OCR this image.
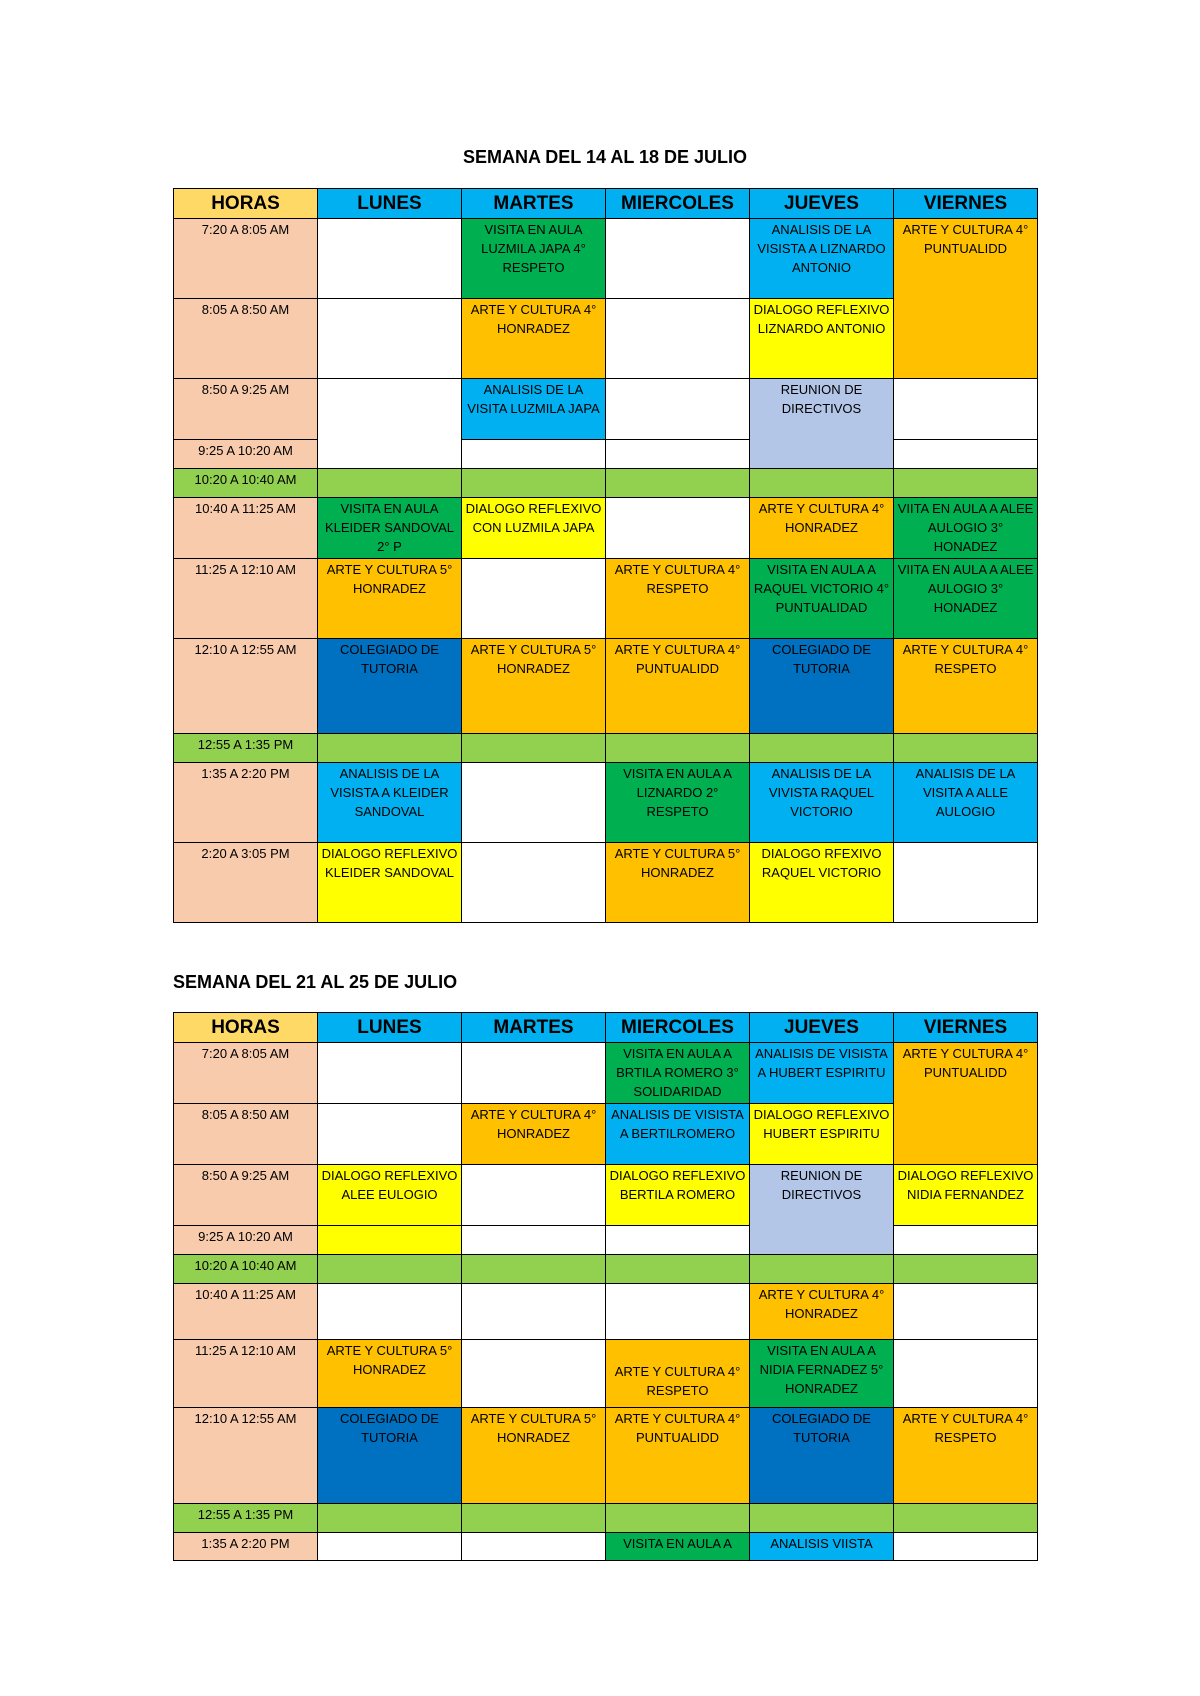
SEMANA DEL 14 AL 18 DE JULIO
HORAS	LUNES	MARTES	MIERCOLES	JUEVES	VIERNES
7:20 A 8:05 AM		VISITA EN AULA LUZMILA JAPA 4° RESPETO		ANALISIS DE LA VISISTA A LIZNARDO ANTONIO	ARTE Y CULTURA 4° PUNTUALIDD
8:05 A 8:50 AM		ARTE Y CULTURA 4° HONRADEZ		DIALOGO REFLEXIVO LIZNARDO ANTONIO	
8:50 A 9:25 AM		ANALISIS DE LA VISITA LUZMILA JAPA		REUNION DE DIRECTIVOS	
9:25 A 10:20 AM					
10:20 A 10:40 AM					
10:40 A 11:25 AM	VISITA EN AULA KLEIDER SANDOVAL 2° P	DIALOGO REFLEXIVO CON LUZMILA JAPA		ARTE Y CULTURA 4° HONRADEZ	VIITA EN AULA A ALEE AULOGIO 3° HONADEZ
11:25 A 12:10 AM	ARTE Y CULTURA 5° HONRADEZ		ARTE Y CULTURA 4° RESPETO	VISITA EN AULA A RAQUEL VICTORIO 4° PUNTUALIDAD	VIITA EN AULA A ALEE AULOGIO 3° HONADEZ
12:10 A 12:55 AM	COLEGIADO DE TUTORIA	ARTE Y CULTURA 5° HONRADEZ	ARTE Y CULTURA 4° PUNTUALIDD	COLEGIADO DE TUTORIA	ARTE Y CULTURA 4° RESPETO
12:55 A 1:35 PM					
1:35 A 2:20 PM	ANALISIS DE LA VISISTA A KLEIDER SANDOVAL		VISITA EN AULA A LIZNARDO 2° RESPETO	ANALISIS DE LA VIVISTA RAQUEL VICTORIO	ANALISIS DE LA VISITA A ALLE AULOGIO
2:20 A 3:05 PM	DIALOGO REFLEXIVO KLEIDER SANDOVAL		ARTE Y CULTURA 5° HONRADEZ	DIALOGO RFEXIVO RAQUEL VICTORIO	
SEMANA DEL 21 AL 25 DE JULIO
HORAS	LUNES	MARTES	MIERCOLES	JUEVES	VIERNES
7:20 A 8:05 AM			VISITA EN AULA A BRTILA ROMERO 3° SOLIDARIDAD	ANALISIS DE VISISTA A HUBERT ESPIRITU	ARTE Y CULTURA 4° PUNTUALIDD
8:05 A 8:50 AM		ARTE Y CULTURA 4° HONRADEZ	ANALISIS DE VISISTA A BERTILROMERO	DIALOGO REFLEXIVO HUBERT ESPIRITU	
8:50 A 9:25 AM	DIALOGO REFLEXIVO ALEE EULOGIO		DIALOGO REFLEXIVO BERTILA ROMERO	REUNION DE DIRECTIVOS	DIALOGO REFLEXIVO NIDIA FERNANDEZ
9:25 A 10:20 AM					
10:20 A 10:40 AM					
10:40 A 11:25 AM				ARTE Y CULTURA 4° HONRADEZ	
11:25 A 12:10 AM	ARTE Y CULTURA 5° HONRADEZ		ARTE Y CULTURA 4° RESPETO	VISITA EN AULA A NIDIA FERNADEZ 5° HONRADEZ	
12:10 A 12:55 AM	COLEGIADO DE TUTORIA	ARTE Y CULTURA 5° HONRADEZ	ARTE Y CULTURA 4° PUNTUALIDD	COLEGIADO DE TUTORIA	ARTE Y CULTURA 4° RESPETO
12:55 A 1:35 PM					
1:35 A 2:20 PM			VISITA EN AULA A	ANALISIS VIISTA	
